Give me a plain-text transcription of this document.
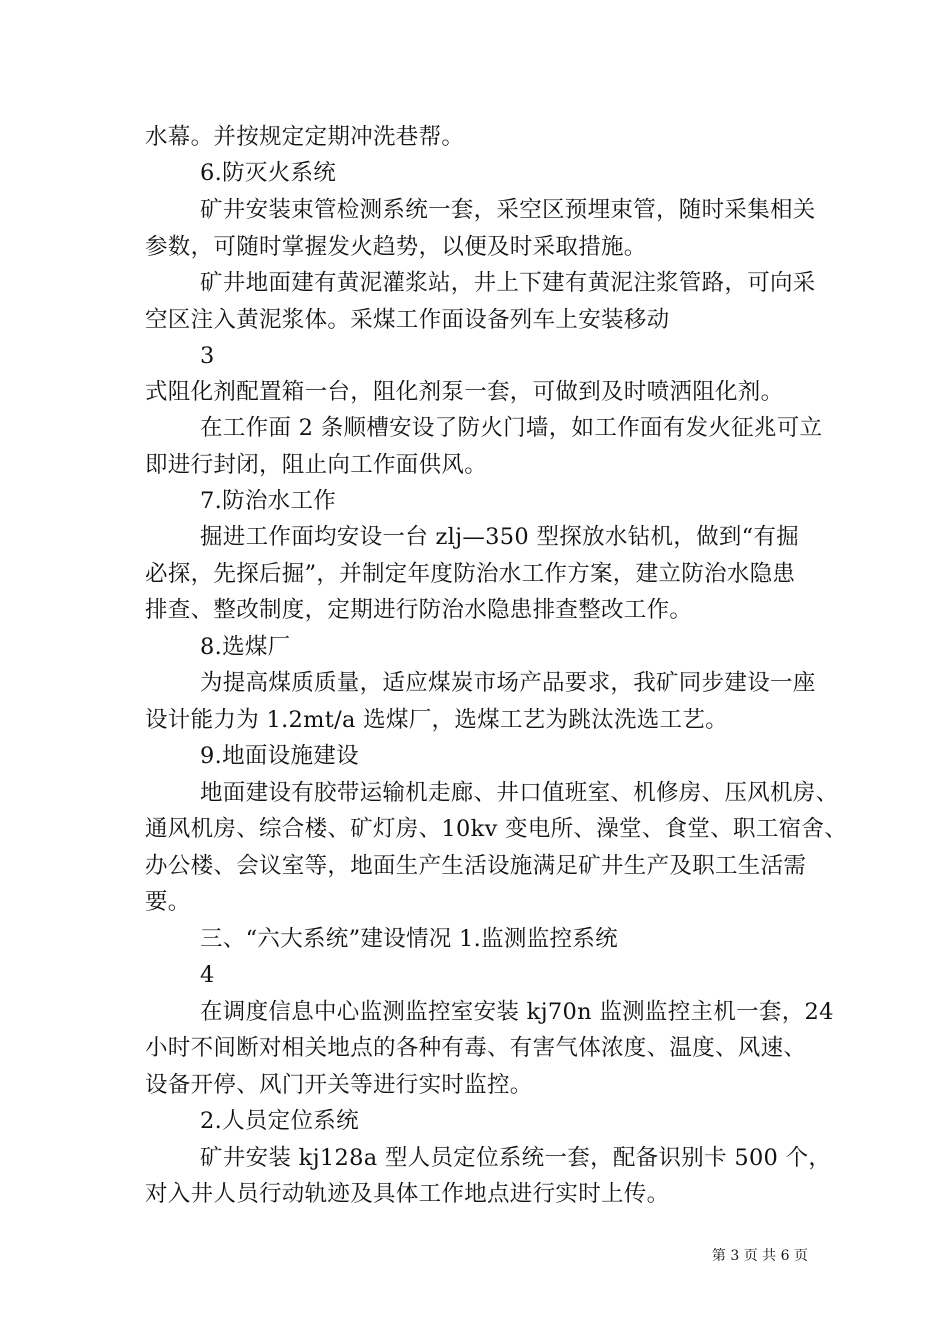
水幕。并按规定定期冲洗巷帮。
6.防灭火系统
矿井安装束管检测系统一套，采空区预埋束管，随时采集相关
参数，可随时掌握发火趋势，以便及时采取措施。
矿井地面建有黄泥灌浆站，井上下建有黄泥注浆管路，可向采
空区注入黄泥浆体。采煤工作面设备列车上安装移动
3
式阻化剂配置箱一台，阻化剂泵一套，可做到及时喷洒阻化剂。
在工作面 2 条顺槽安设了防火门墙，如工作面有发火征兆可立
即进行封闭，阻止向工作面供风。
7.防治水工作
掘进工作面均安设一台 zlj—350 型探放水钻机，做到“有掘
必探，先探后掘”，并制定年度防治水工作方案，建立防治水隐患
排查、整改制度，定期进行防治水隐患排查整改工作。
8.选煤厂
为提高煤质质量，适应煤炭市场产品要求，我矿同步建设一座
设计能力为 1.2mt/a 选煤厂，选煤工艺为跳汰洗选工艺。
9.地面设施建设
地面建设有胶带运输机走廊、井口值班室、机修房、压风机房、
通风机房、综合楼、矿灯房、10kv 变电所、澡堂、食堂、职工宿舍、
办公楼、会议室等，地面生产生活设施满足矿井生产及职工生活需
要。
三、“六大系统”建设情况 1.监测监控系统
4
在调度信息中心监测监控室安装 kj70n 监测监控主机一套，24
小时不间断对相关地点的各种有毒、有害气体浓度、温度、风速、
设备开停、风门开关等进行实时监控。
2.人员定位系统
矿井安装 kj128a 型人员定位系统一套，配备识别卡 500 个，
对入井人员行动轨迹及具体工作地点进行实时上传。
第 3 页 共 6 页
